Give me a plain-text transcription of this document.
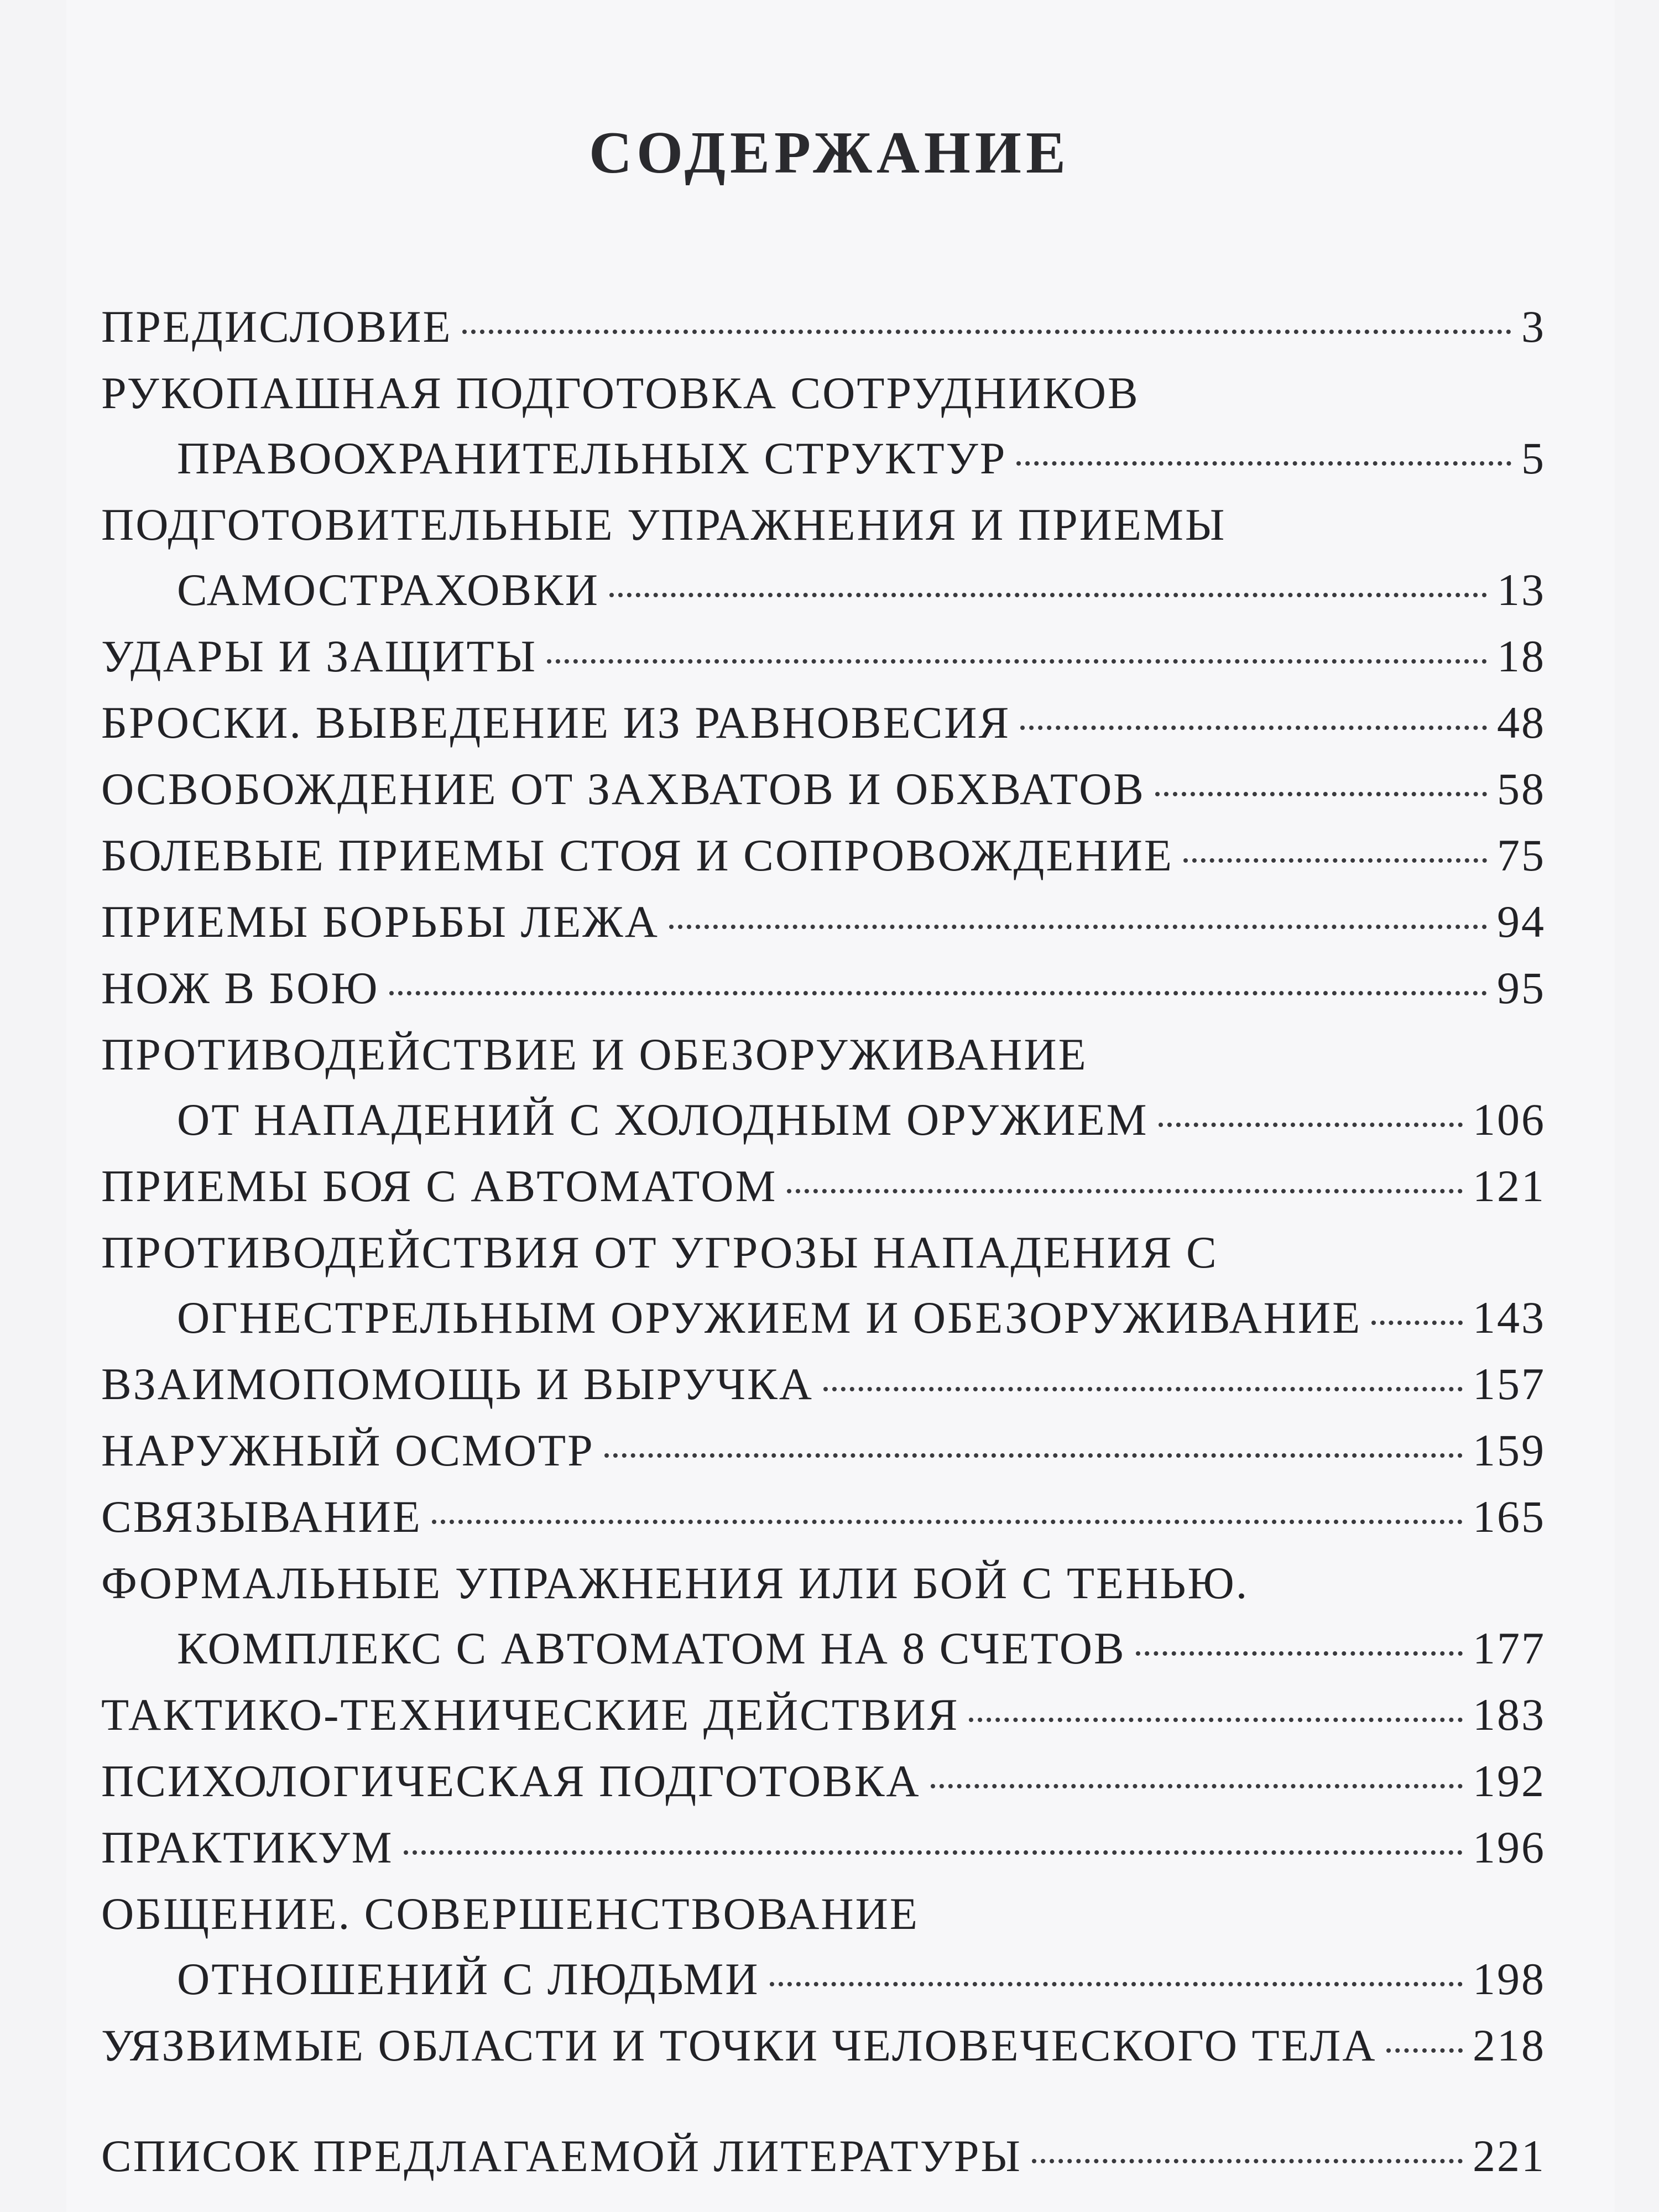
СОДЕРЖАНИЕ
ПРЕДИСЛОВИЕ	3
РУКОПАШНАЯ ПОДГОТОВКА СОТРУДНИКОВ
ПРАВООХРАНИТЕЛЬНЫХ СТРУКТУР	5
ПОДГОТОВИТЕЛЬНЫЕ УПРАЖНЕНИЯ И ПРИЕМЫ
САМОСТРАХОВКИ	13
УДАРЫ И ЗАЩИТЫ	18
БРОСКИ. ВЫВЕДЕНИЕ ИЗ РАВНОВЕСИЯ	48
ОСВОБОЖДЕНИЕ ОТ ЗАХВАТОВ И ОБХВАТОВ	58
БОЛЕВЫЕ ПРИЕМЫ СТОЯ И СОПРОВОЖДЕНИЕ	75
ПРИЕМЫ БОРЬБЫ ЛЕЖА	94
НОЖ В БОЮ	95
ПРОТИВОДЕЙСТВИЕ И ОБЕЗОРУЖИВАНИЕ
ОТ НАПАДЕНИЙ С ХОЛОДНЫМ ОРУЖИЕМ	106
ПРИЕМЫ БОЯ С АВТОМАТОМ	121
ПРОТИВОДЕЙСТВИЯ ОТ УГРОЗЫ НАПАДЕНИЯ С
ОГНЕСТРЕЛЬНЫМ ОРУЖИЕМ И ОБЕЗОРУЖИВАНИЕ 143
ВЗАИМОПОМОЩЬ И ВЫРУЧКА	157
НАРУЖНЫЙ ОСМОТР	159
СВЯЗЫВАНИЕ	165
ФОРМАЛЬНЫЕ УПРАЖНЕНИЯ ИЛИ БОЙ С ТЕНЬЮ.
КОМПЛЕКС С АВТОМАТОМ НА 8 СЧЕТОВ	177
ТАКТИКО-ТЕХНИЧЕСКИЕ ДЕЙСТВИЯ	183
ПСИХОЛОГИЧЕСКАЯ ПОДГОТОВКА	192
ПРАКТИКУМ	196
ОБЩЕНИЕ. СОВЕРШЕНСТВОВАНИЕ
ОТНОШЕНИЙ С ЛЮДЬМИ	198
УЯЗВИМЫЕ ОБЛАСТИ И ТОЧКИ ЧЕЛОВЕЧЕСКОГО ТЕЛА 218
СПИСОК ПРЕДЛАГАЕМОЙ ЛИТЕРАТУРЫ	221
